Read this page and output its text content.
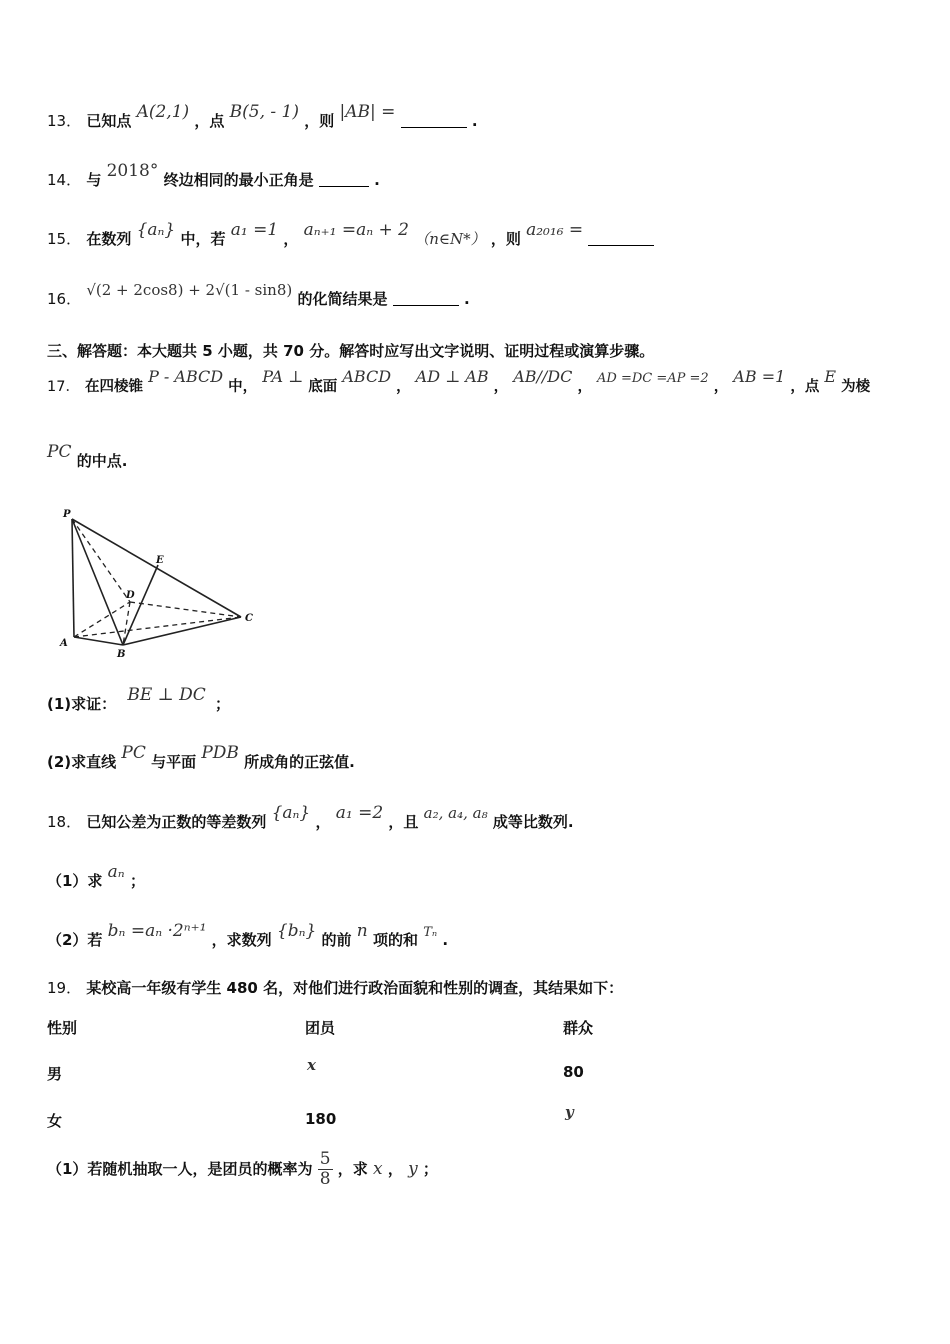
13． 已知点 A(2,1) ，点 B(5, - 1) ，则 |AB| =	.
14． 与 2018° 终边相同的最小正角是	.
15． 在数列 {aₙ} 中，若 a₁ =1 ， aₙ₊₁ =aₙ + 2 （n∈N*） ，则 a₂₀₁₆ =
16． √(2 + 2cos8) + 2√(1 - sin8) 的化简结果是	.
三、解答题：本大题共 5 小题，共 70 分。解答时应写出文字说明、证明过程或演算步骤。
17． 在四棱锥 P - ABCD 中， PA ⊥ 底面 ABCD ， AD ⊥ AB ， AB//DC ， AD =DC =AP =2 ， AB =1 ，点 E 为棱
PC 的中点.
P
E
D
C
A
B
(1)求证： BE ⊥ DC ；
(2)求直线 PC 与平面 PDB 所成角的正弦值.
18． 已知公差为正数的等差数列 {aₙ} ， a₁ =2 ，且 a₂, a₄, a₈ 成等比数列.
（1）求 aₙ ；
（2）若 bₙ =aₙ ·2ⁿ⁺¹ ，求数列 {bₙ} 的前 n 项的和 Tₙ .
19． 某校高一年级有学生 480 名，对他们进行政治面貌和性别的调查，其结果如下：
性别	团员	群众
男	x	80
女	180	y
（1）若随机抽取一人，是团员的概率为 $\frac{5}{8}$ ，求 x ， y ；
